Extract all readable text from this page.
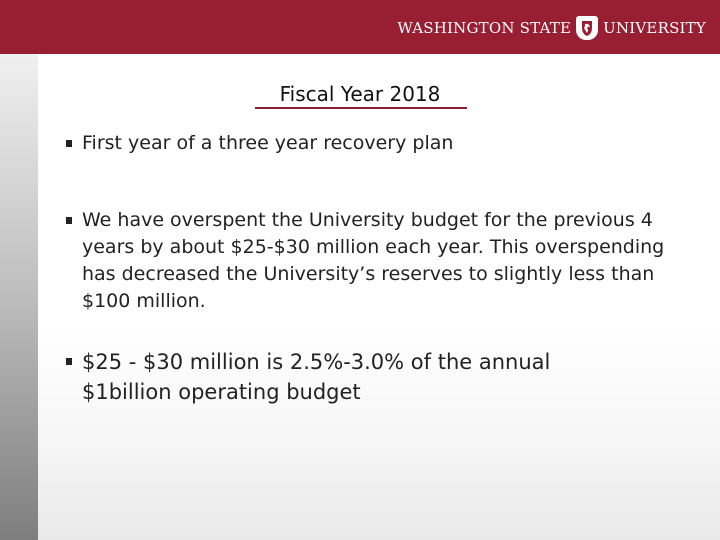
WASHINGTON STATE UNIVERSITY
Fiscal Year 2018
First year of a three year recovery plan
We have overspent the University budget for the previous 4 years by about $25-$30 million each year. This overspending has decreased the University’s reserves to slightly less than $100 million.
$25 - $30 million is 2.5%-3.0% of the annual $1billion operating budget
